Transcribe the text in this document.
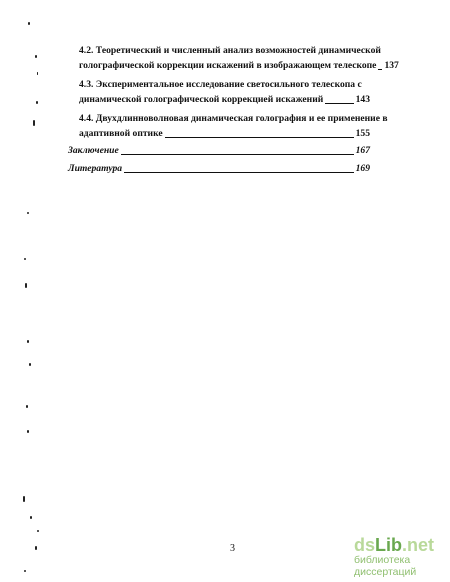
4.2. Теоретический и численный анализ возможностей динамической
голографической коррекции искажений в изображающем телескопе 137
4.3. Экспериментальное исследование светосильного телескопа с
динамической голографической коррекцией искажений	143
4.4. Двухдлинноволновая динамическая голография и ее применение в
адаптивной оптике	155
Заключение	167
Литература	169
3	ds Lib .net
библиотека диссертаций
